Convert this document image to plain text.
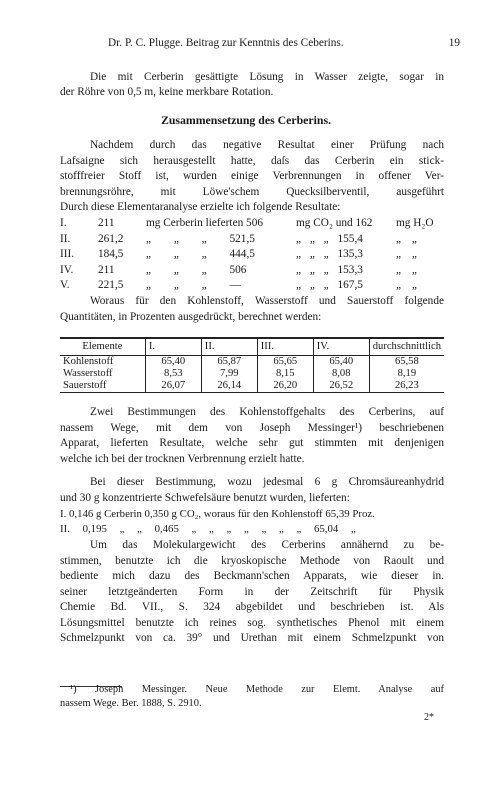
Dr. P. C. Plugge. Beitrag zur Kenntnis des Ceberins.	19
Die mit Cerberin gesättigte Lösung in Wasser zeigte, sogar in
der Röhre von 0,5 m, keine merkbare Rotation.
Zusammensetzung des Cerberins.
Nachdem durch das negative Resultat einer Prüfung nach
Lafsaigne sich herausgestellt hatte, daſs das Cerberin ein stick-
stofffreier Stoff ist, wurden einige Verbrennungen in offener Ver-
brennungsröhre, mit Löwe'schem Quecksilberventil, ausgeführt
Durch diese Elementaranalyse erzielte ich folgende Resultate:
I.	211	mg Cerberin lieferten 506	mg CO₂ und 162 mg H₂O
II. 261,2 „ „ „ 521,5	„ „ „ 155,4	„ „
III. 184,5 „ „ „ 444,5	„ „ „ 135,3	„ „
IV. 211	„ „ „ 506	„ „ „ 153,3	„ „
V.	221,5 „ „ „ —	„ „ „ 167,5	„ „
Woraus für den Kohlenstoff, Wasserstoff und Sauerstoff folgende
Quantitäten, in Prozenten ausgedrückt, berechnet werden:
Elemente	I.	II.	III.	IV.	durchschnittlich
Kohlenstoff	65,40	65,87	65,65	65,40	65,58
Wasserstoff	8,53	7,99	8,15	8,08	8,19
Sauerstoff	26,07	26,14	26,20	26,52	26,23
Zwei Bestimmungen des Kohlenstoffgehalts des Cerberins, auf
nassem Wege, mit dem von Joseph Messinger¹) beschriebenen
Apparat, lieferten Resultate, welche sehr gut stimmten mit denjenigen
welche ich bei der trocknen Verbrennung erzielt hatte.
Bei dieser Bestimmung, wozu jedesmal 6 g Chromsäureanhydrid
und 30 g konzentrierte Schwefelsäure benutzt wurden, lieferten:
I. 0,146 g Cerberin 0,350 g CO₂, woraus für den Kohlenstoff 65,39 Proz.
II. 0,195 „ „ 0,465 „ „ „ „ „ „ „ 65,04 „
Um das Molekulargewicht des Cerberins annähernd zu be-
stimmen, benutzte ich die kryoskopische Methode von Raoult und
bediente mich dazu des Beckmann'schen Apparats, wie dieser in.
seiner letztgeänderten Form in der Zeitschrift für Physik
Chemie Bd. VII., S. 324 abgebildet und beschrieben ist. Als
Lösungsmittel benutzte ich reines sog. synthetisches Phenol mit einem
Schmelzpunkt von ca. 39° und Urethan mit einem Schmelzpunkt von
¹) Joseph Messinger. Neue Methode zur Elemt. Analyse auf
nassem Wege. Ber. 1888, S. 2910.
2*
